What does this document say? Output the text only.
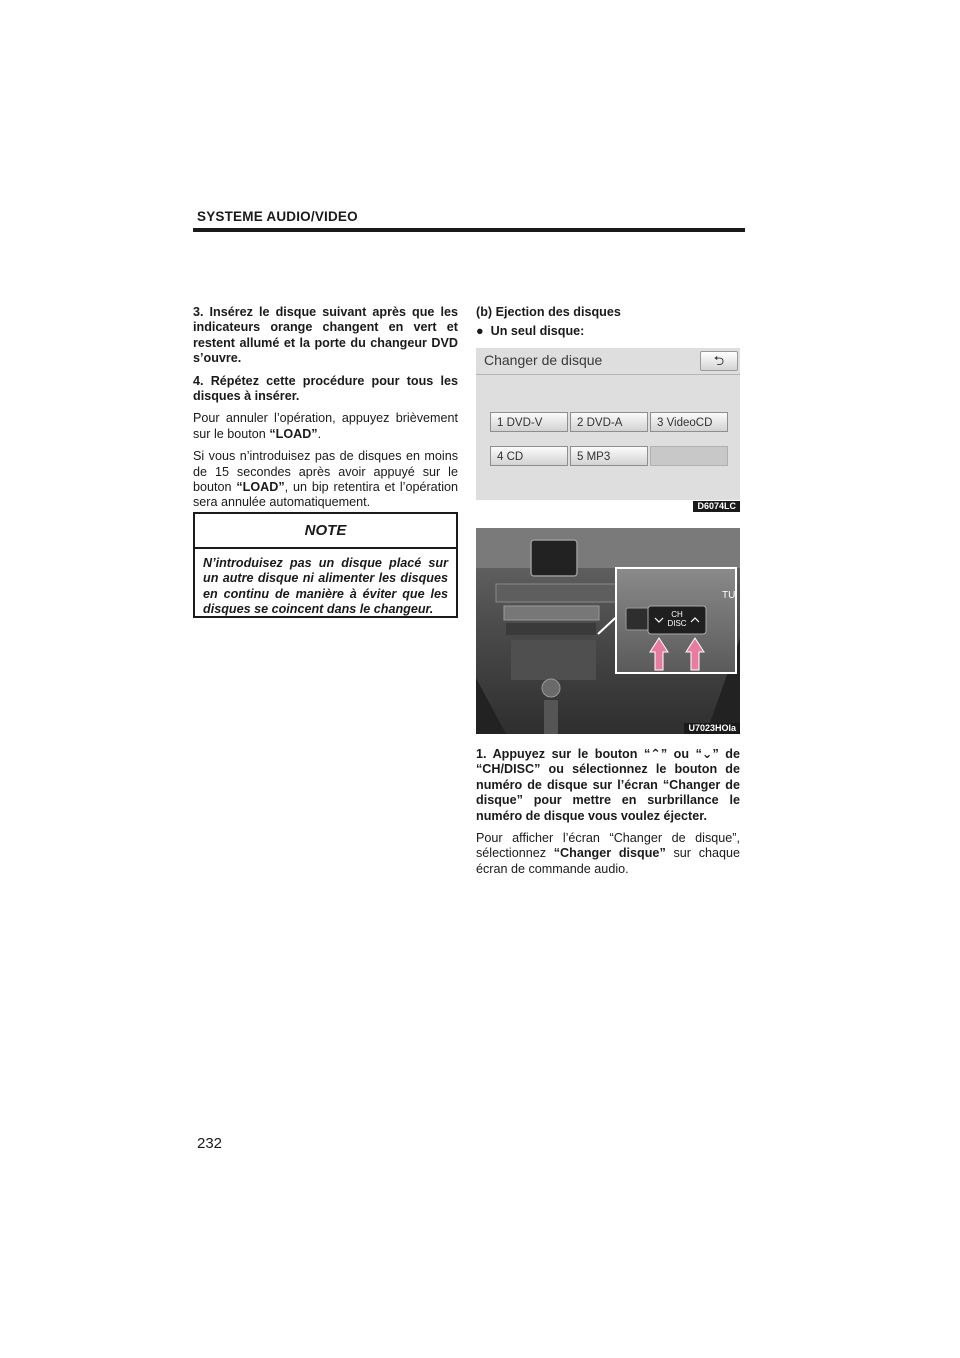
SYSTEME AUDIO/VIDEO

3. Insérez le disque suivant après que les indicateurs orange changent en vert et restent allumé et la porte du changeur DVD s’ouvre.

4. Répétez cette procédure pour tous les disques à insérer.

Pour annuler l’opération, appuyez brièvement sur le bouton “LOAD”.

Si vous n’introduisez pas de disques en moins de 15 secondes après avoir appuyé sur le bouton “LOAD”, un bip retentira et l’opération sera annulée automatiquement.

NOTE
N’introduisez pas un disque placé sur un autre disque ni alimenter les disques en continu de manière à éviter que les disques se coincent dans le changeur.

(b) Ejection des disques

● Un seul disque:

Changer de disque	⮌
1 DVD-V	2 DVD-A	3 VideoCD
4 CD	5 MP3
D6074LC
CH
DISC
TU
U7023HOIa

1. Appuyez sur le bouton “⌃” ou “⌄” de “CH/DISC” ou sélectionnez le bouton de numéro de disque sur l’écran “Changer de disque” pour mettre en surbrillance le numéro de disque vous voulez éjecter.

Pour afficher l’écran “Changer de disque”, sélectionnez “Changer disque” sur chaque écran de commande audio.

232
